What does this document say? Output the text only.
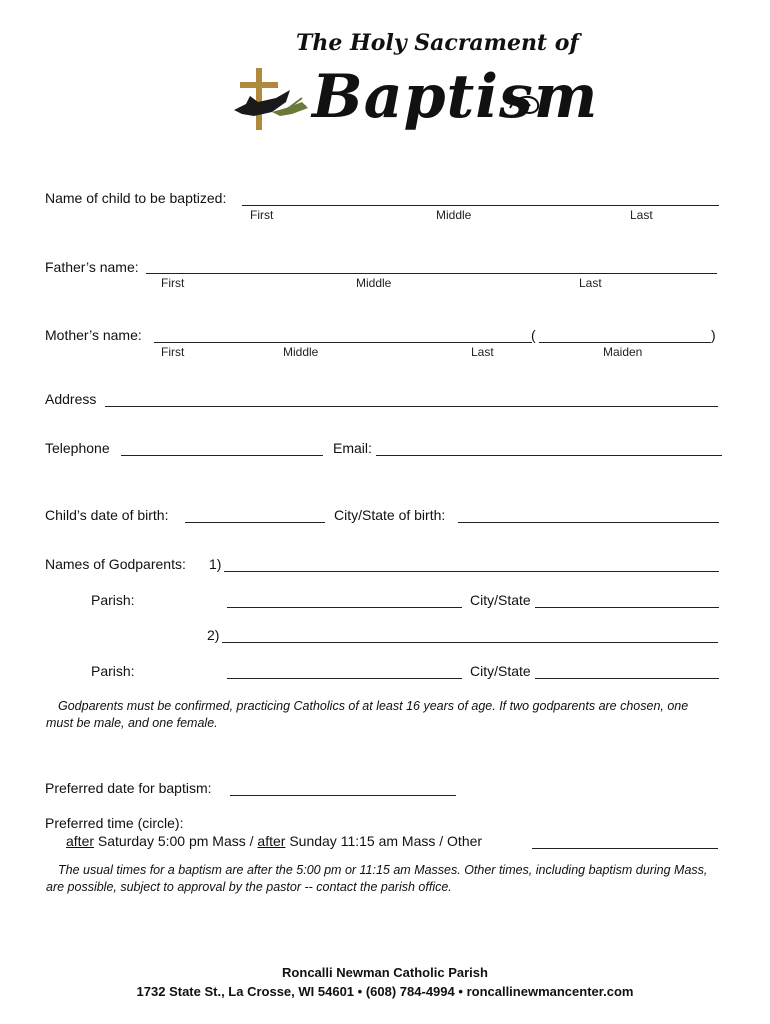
The Holy Sacrament of
Baptism
Name of child to be baptized:
First	Middle	Last
Father’s name:
First	Middle	Last
Mother’s name:	(	)
First	Middle	Last	Maiden
Address
Telephone	Email:
Child’s date of birth:	City/State of birth:
Names of Godparents: 1)
Parish:	City/State
2)
Parish:	City/State
Godparents must be confirmed, practicing Catholics of at least 16 years of age. If two godparents are chosen, one must be male, and one female.
Preferred date for baptism:
Preferred time (circle):
after Saturday 5:00 pm Mass / after Sunday 11:15 am Mass / Other
The usual times for a baptism are after the 5:00 pm or 11:15 am Masses. Other times, including baptism during Mass, are possible, subject to approval by the pastor -- contact the parish office.
Roncalli Newman Catholic Parish
1732 State St., La Crosse, WI 54601 • (608) 784-4994 • roncallinewmancenter.com
